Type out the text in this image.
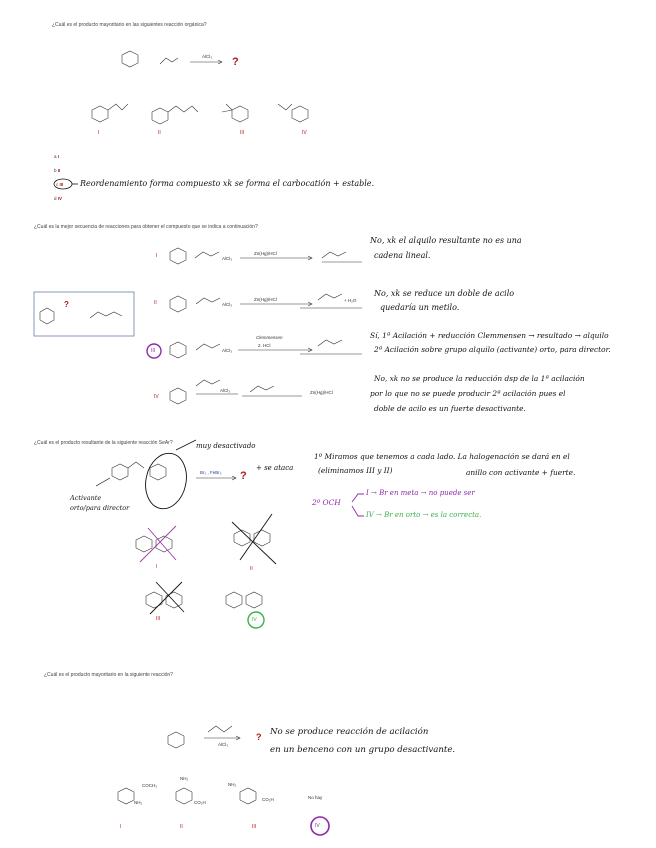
¿Cuál es el producto mayoritario en las siguientes reacción orgánica?
?
AlCl₃
I	II	III	IV
a I
b II
c III
d IV
Reordenamiento forma compuesto xk se forma el carbocatión + estable.
¿Cuál es la mejor secuencia de reacciones para obtener el compuesto que se indica a continuación?
?
I	AlCl₃
Zn(Hg)/HCl
No, xk el alquilo resultante no es una
cadena lineal.
II	AlCl₃
Zn(Hg)/HCl	+ H₂O
No, xk se reduce un doble de acilo
quedaría un metilo.
III	AlCl₃
Clemmensen
2. HCl
Sí, 1ª Acilación + reducción Clemmensen → resultado → alquilo
2ª Acilación sobre grupo alquilo (activante) orto, para director.
IV
AlCl₃	Zn(Hg)/HCl
No, xk no se produce la reducción dsp de la 1ª acilación
por lo que no se puede producir 2ª acilación pues el
doble de acilo es un fuerte desactivante.
¿Cuál es el producto resultante de la siguiente reacción SeAr?
Br₂ , FeBr₃ ?
muy desactivado
+ se ataca
Activante
orto/para director
I	II
III	IV
1º Miramos que tenemos a cada lado. La halogenación se dará en el
(eliminamos III y II)	anillo con activante + fuerte.
2º OCH
I → Br en meta → no puede ser
IV → Br en orto → es la correcta.
¿Cuál es el producto mayoritario en la siguiente reacción?
AlCl₃
? No se produce reacción de acilación
en un benceno con un grupo desactivante.
COCH₃
NH₂
NH₂
CO₂H
NH₂
CO₂H	No hay
I	II	III	IV
